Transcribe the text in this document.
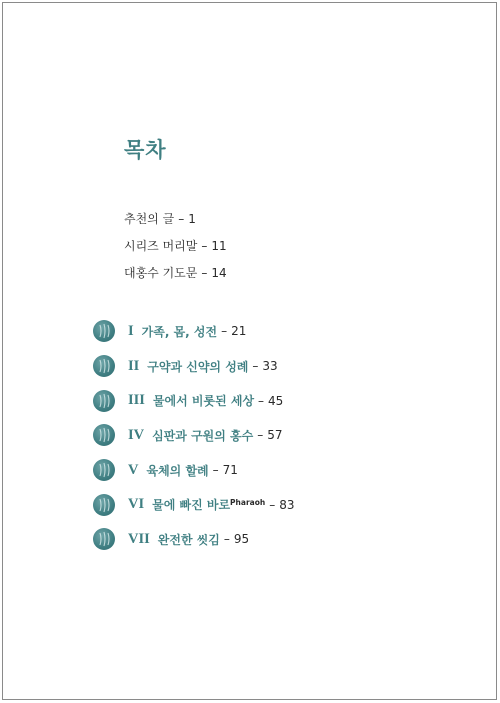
목차
추천의 글 – 1
시리즈 머리말 – 11
대홍수 기도문 – 14
I 가족, 몸, 성전 – 21
II 구약과 신약의 성례 – 33
III 물에서 비롯된 세상 – 45
IV 심판과 구원의 홍수 – 57
V 육체의 할례 – 71
VI 물에 빠진 바로$^{Pharaoh}$ – 83
VII 완전한 씻김 – 95
